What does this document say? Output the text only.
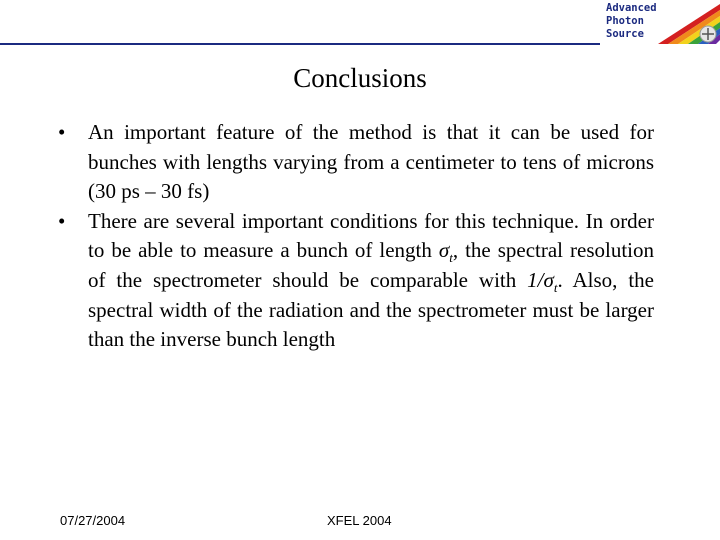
Advanced
Photon
Source
Conclusions
• An important feature of the method is that it can be used for bunches with lengths varying from a centimeter to tens of microns (30 ps – 30 fs)
• There are several important conditions for this technique. In order to be able to measure a bunch of length $\sigma_t$, the spectral resolution of the spectrometer should be comparable with $1/\sigma_t$. Also, the spectral width of the radiation and the spectrometer must be larger than the inverse bunch length
07/27/2004	XFEL 2004
